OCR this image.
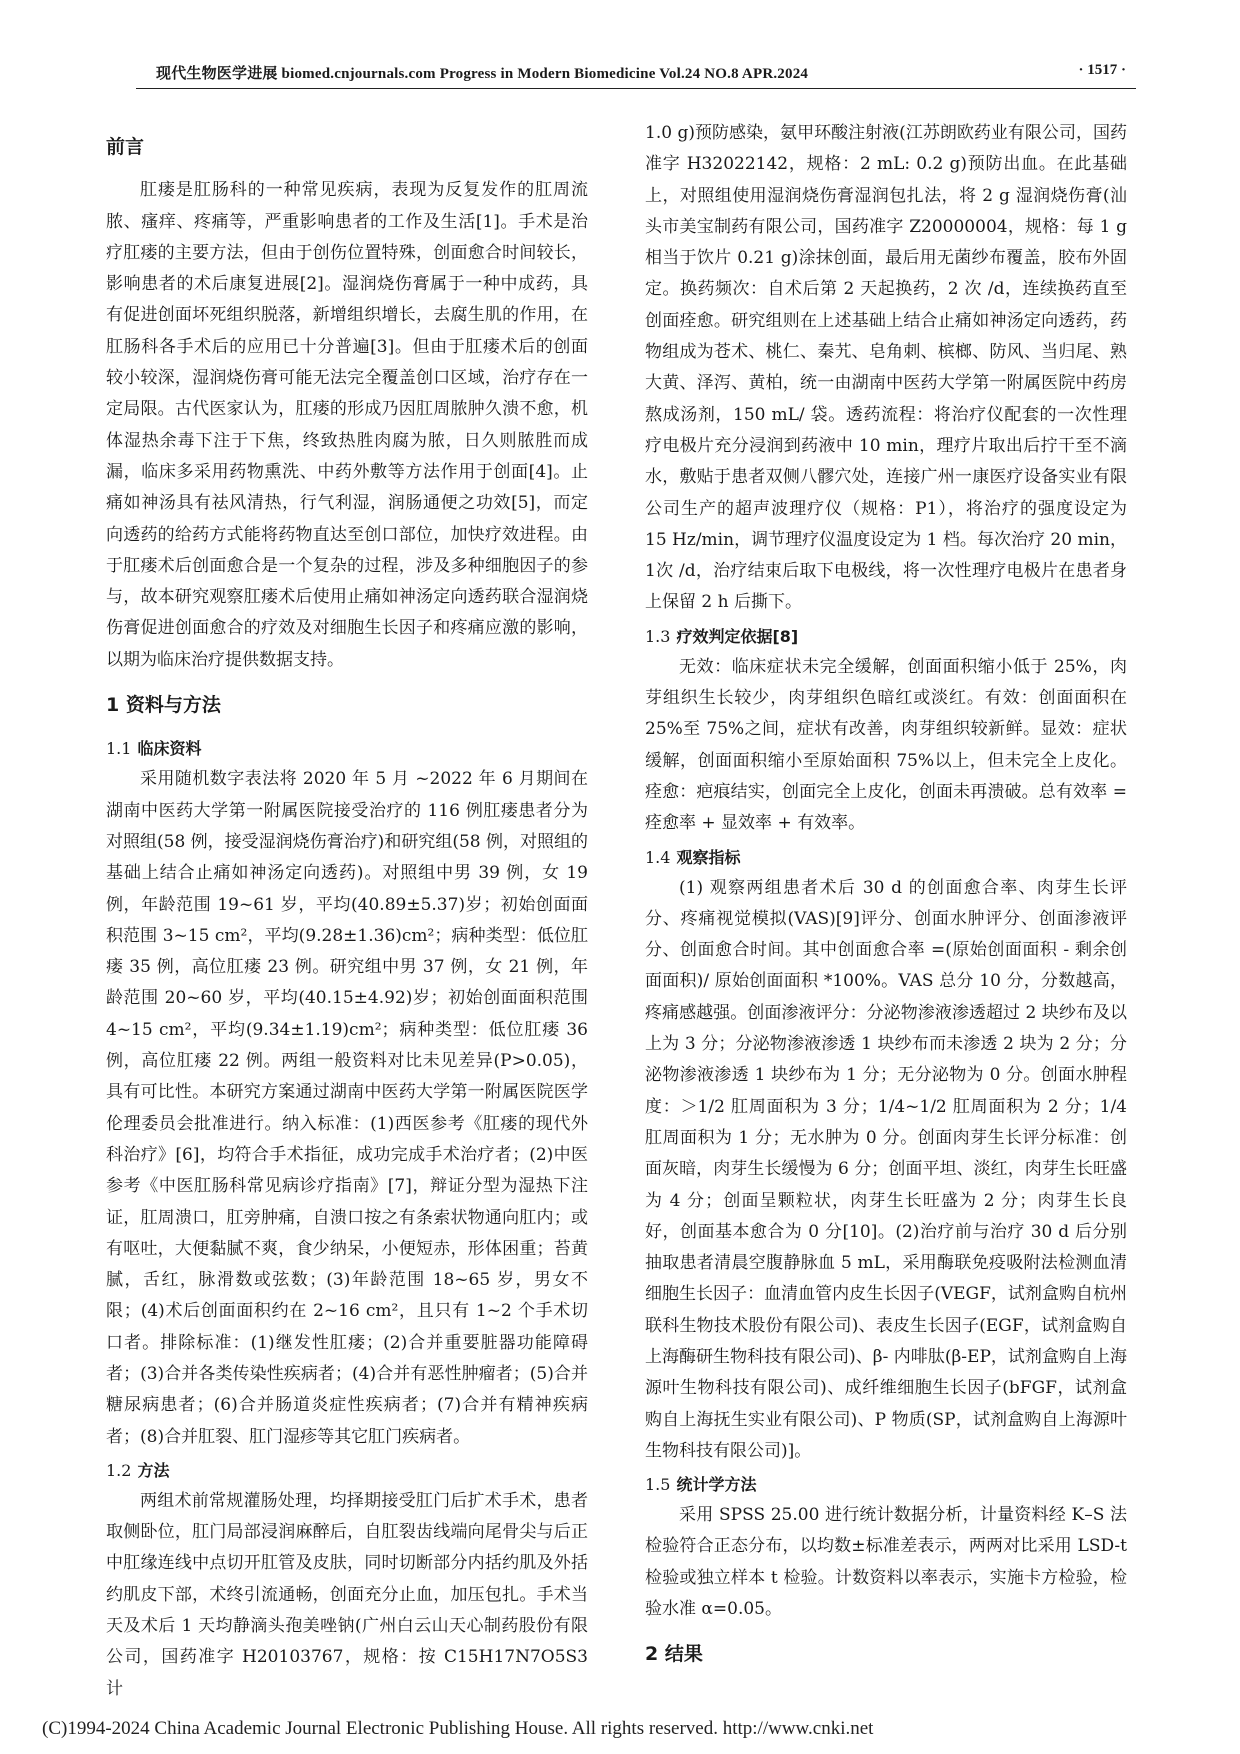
现代生物医学进展 biomed.cnjournals.com Progress in Modern Biomedicine Vol.24 NO.8 APR.2024	· 1517 ·
前言

肛瘘是肛肠科的一种常见疾病，表现为反复发作的肛周流脓、瘙痒、疼痛等，严重影响患者的工作及生活[1]。手术是治疗肛瘘的主要方法，但由于创伤位置特殊，创面愈合时间较长，影响患者的术后康复进展[2]。湿润烧伤膏属于一种中成药，具有促进创面坏死组织脱落，新增组织增长，去腐生肌的作用，在肛肠科各手术后的应用已十分普遍[3]。但由于肛瘘术后的创面较小较深，湿润烧伤膏可能无法完全覆盖创口区域，治疗存在一定局限。古代医家认为，肛瘘的形成乃因肛周脓肿久溃不愈，机体湿热余毒下注于下焦，终致热胜肉腐为脓，日久则脓胜而成漏，临床多采用药物熏洗、中药外敷等方法作用于创面[4]。止痛如神汤具有祛风清热，行气利湿，润肠通便之功效[5]，而定向透药的给药方式能将药物直达至创口部位，加快疗效进程。由于肛瘘术后创面愈合是一个复杂的过程，涉及多种细胞因子的参与，故本研究观察肛瘘术后使用止痛如神汤定向透药联合湿润烧伤膏促进创面愈合的疗效及对细胞生长因子和疼痛应激的影响，以期为临床治疗提供数据支持。

1 资料与方法
1.1 临床资料

采用随机数字表法将 2020 年 5 月 ~2022 年 6 月期间在湖南中医药大学第一附属医院接受治疗的 116 例肛瘘患者分为对照组(58 例，接受湿润烧伤膏治疗)和研究组(58 例，对照组的基础上结合止痛如神汤定向透药)。对照组中男 39 例，女 19 例，年龄范围 19~61 岁，平均(40.89±5.37)岁；初始创面面积范围 3~15 cm²，平均(9.28±1.36)cm²；病种类型：低位肛瘘 35 例，高位肛瘘 23 例。研究组中男 37 例，女 21 例，年龄范围 20~60 岁，平均(40.15±4.92)岁；初始创面面积范围 4~15 cm²，平均(9.34±1.19)cm²；病种类型：低位肛瘘 36 例，高位肛瘘 22 例。两组一般资料对比未见差异(P>0.05)，具有可比性。本研究方案通过湖南中医药大学第一附属医院医学伦理委员会批准进行。纳入标准：(1)西医参考《肛瘘的现代外科治疗》[6]，均符合手术指征，成功完成手术治疗者；(2)中医参考《中医肛肠科常见病诊疗指南》[7]，辩证分型为湿热下注证，肛周溃口，肛旁肿痛，自溃口按之有条索状物通向肛内；或有呕吐，大便黏腻不爽，食少纳呆，小便短赤，形体困重；苔黄腻，舌红，脉滑数或弦数；(3)年龄范围 18~65 岁，男女不限；(4)术后创面面积约在 2~16 cm²，且只有 1~2 个手术切口者。排除标准：(1)继发性肛瘘；(2)合并重要脏器功能障碍者；(3)合并各类传染性疾病者；(4)合并有恶性肿瘤者；(5)合并糖尿病患者；(6)合并肠道炎症性疾病者；(7)合并有精神疾病者；(8)合并肛裂、肛门湿疹等其它肛门疾病者。

1.2 方法

两组术前常规灌肠处理，均择期接受肛门后扩术手术，患者取侧卧位，肛门局部浸润麻醉后，自肛裂齿线端向尾骨尖与后正中肛缘连线中点切开肛管及皮肤，同时切断部分内括约肌及外括约肌皮下部，术终引流通畅，创面充分止血，加压包扎。手术当天及术后 1 天均静滴头孢美唑钠(广州白云山天心制药股份有限公司，国药准字 H20103767，规格：按 C15H17N7O5S3 计

1.0 g)预防感染，氨甲环酸注射液(江苏朗欧药业有限公司，国药准字 H32022142，规格：2 mL: 0.2 g)预防出血。在此基础上，对照组使用湿润烧伤膏湿润包扎法，将 2 g 湿润烧伤膏(汕头市美宝制药有限公司，国药准字 Z20000004，规格：每 1 g 相当于饮片 0.21 g)涂抹创面，最后用无菌纱布覆盖，胶布外固定。换药频次：自术后第 2 天起换药，2 次 /d，连续换药直至创面痊愈。研究组则在上述基础上结合止痛如神汤定向透药，药物组成为苍术、桃仁、秦艽、皂角刺、槟榔、防风、当归尾、熟大黄、泽泻、黄柏，统一由湖南中医药大学第一附属医院中药房熬成汤剂，150 mL/ 袋。透药流程：将治疗仪配套的一次性理疗电极片充分浸润到药液中 10 min，理疗片取出后拧干至不滴水，敷贴于患者双侧八髎穴处，连接广州一康医疗设备实业有限公司生产的超声波理疗仪（规格：P1），将治疗的强度设定为 15 Hz/min，调节理疗仪温度设定为 1 档。每次治疗 20 min，1次 /d，治疗结束后取下电极线，将一次性理疗电极片在患者身上保留 2 h 后撕下。

1.3 疗效判定依据[8]

无效：临床症状未完全缓解，创面面积缩小低于 25%，肉芽组织生长较少，肉芽组织色暗红或淡红。有效：创面面积在 25%至 75%之间，症状有改善，肉芽组织较新鲜。显效：症状缓解，创面面积缩小至原始面积 75%以上，但未完全上皮化。痊愈：疤痕结实，创面完全上皮化，创面未再溃破。总有效率 = 痊愈率 + 显效率 + 有效率。

1.4 观察指标

(1) 观察两组患者术后 30 d 的创面愈合率、肉芽生长评分、疼痛视觉模拟(VAS)[9]评分、创面水肿评分、创面渗液评分、创面愈合时间。其中创面愈合率 =(原始创面面积 - 剩余创面面积)/ 原始创面面积 *100%。VAS 总分 10 分，分数越高，疼痛感越强。创面渗液评分：分泌物渗液渗透超过 2 块纱布及以上为 3 分；分泌物渗液渗透 1 块纱布而未渗透 2 块为 2 分；分泌物渗液渗透 1 块纱布为 1 分；无分泌物为 0 分。创面水肿程度：＞1/2 肛周面积为 3 分；1/4~1/2 肛周面积为 2 分；1/4 肛周面积为 1 分；无水肿为 0 分。创面肉芽生长评分标准：创面灰暗，肉芽生长缓慢为 6 分；创面平坦、淡红，肉芽生长旺盛为 4 分；创面呈颗粒状，肉芽生长旺盛为 2 分；肉芽生长良好，创面基本愈合为 0 分[10]。(2)治疗前与治疗 30 d 后分别抽取患者清晨空腹静脉血 5 mL，采用酶联免疫吸附法检测血清细胞生长因子：血清血管内皮生长因子(VEGF，试剂盒购自杭州联科生物技术股份有限公司)、表皮生长因子(EGF，试剂盒购自上海酶研生物科技有限公司)、β- 内啡肽(β-EP，试剂盒购自上海源叶生物科技有限公司)、成纤维细胞生长因子(bFGF，试剂盒购自上海抚生实业有限公司)、P 物质(SP，试剂盒购自上海源叶生物科技有限公司)]。

1.5 统计学方法

采用 SPSS 25.00 进行统计数据分析，计量资料经 K–S 法检验符合正态分布，以均数±标准差表示，两两对比采用 LSD-t 检验或独立样本 t 检验。计数资料以率表示，实施卡方检验，检验水准 α=0.05。

2 结果
(C)1994-2024 China Academic Journal Electronic Publishing House. All rights reserved. http://www.cnki.net
